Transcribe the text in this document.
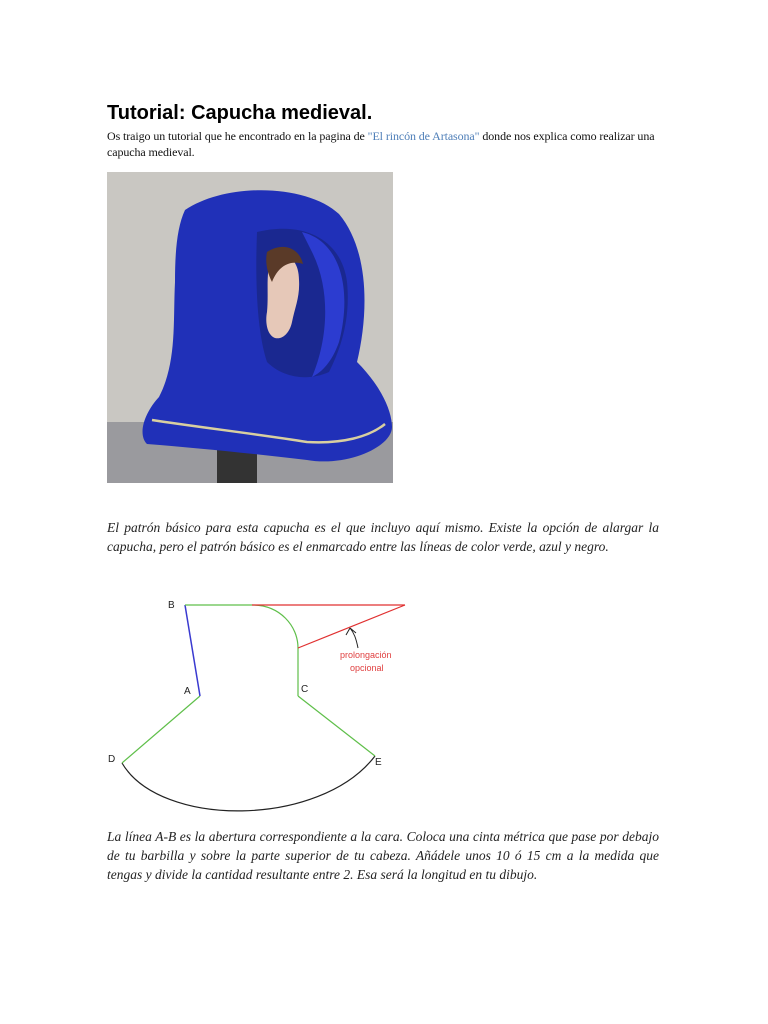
Tutorial: Capucha medieval.

Os traigo un tutorial que he encontrado en la pagina de "El rincón de Artasona" donde nos explica como realizar una capucha medieval.

El patrón básico para esta capucha es el que incluyo aquí mismo. Existe la opción de alargar la capucha, pero el patrón básico es el enmarcado entre las líneas de color verde, azul y negro.

B
A	C
D	E
prolongación
opcional

La línea A-B es la abertura correspondiente a la cara. Coloca una cinta métrica que pase por debajo de tu barbilla y sobre la parte superior de tu cabeza. Añádele unos 10 ó 15 cm a la medida que tengas y divide la cantidad resultante entre 2. Esa será la longitud en tu dibujo.
